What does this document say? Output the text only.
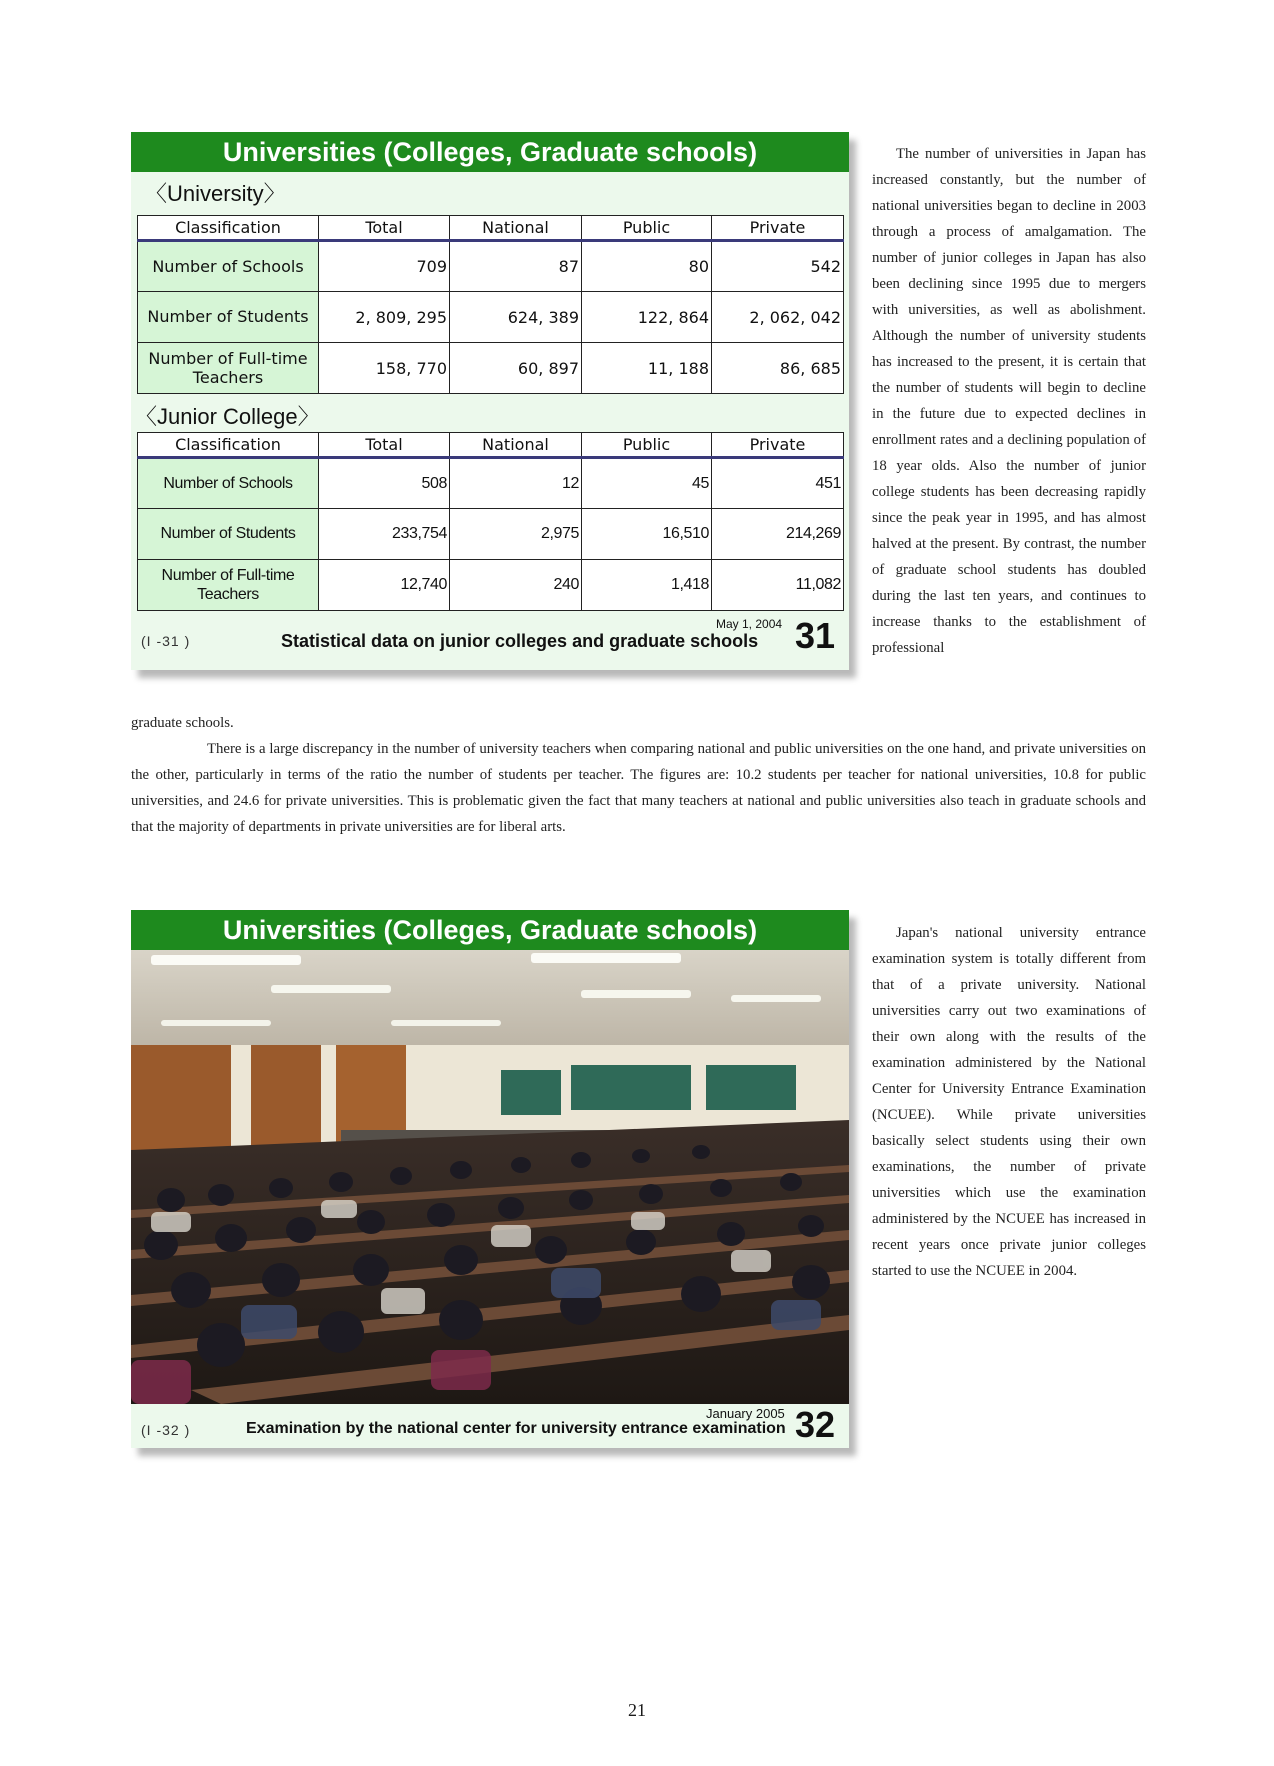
Universities (Colleges, Graduate schools)
〈University〉
Classification	Total	National	Public	Private
Number of Schools	709	87	80	542
Number of Students	2, 809, 295	624, 389	122, 864	2, 062, 042

Number of Full-time
Teachers	158, 770	60, 897	11, 188	86, 685
〈Junior College〉
Classification	Total	National	Public	Private
Number of Schools	508	12	45	451
Number of Students	233,754	2,975	16,510	214,269

Number of Full-time
Teachers	12,740	240	1,418	11,082
(I -31 )	Statistical data on junior colleges and graduate schools
May 1, 2004 31
The number of universities in Japan has increased constantly, but the number of national universities began to decline in 2003 through a process of amalgamation. The number of junior colleges in Japan has also been declining since 1995 due to mergers with universities, as well as abolishment. Although the number of university students has increased to the present, it is certain that the number of students will begin to decline in the future due to expected declines in enrollment rates and a declining population of 18 year olds. Also the number of junior college students has been decreasing rapidly since the peak year in 1995, and has almost halved at the present. By contrast, the number of graduate school students has doubled during the last ten years, and continues to increase thanks to the establishment of professional
graduate schools.
There is a large discrepancy in the number of university teachers when comparing national and public universities on the one hand, and private universities on the other, particularly in terms of the ratio the number of students per teacher. The figures are: 10.2 students per teacher for national universities, 10.8 for public universities, and 24.6 for private universities. This is problematic given the fact that many teachers at national and public universities also teach in graduate schools and that the majority of departments in private universities are for liberal arts.
Universities (Colleges, Graduate schools)
(I -32 )	Examination by the national center for university entrance examination
January 2005 32
Japan's national university entrance examination system is totally different from that of a private university. National universities carry out two examinations of their own along with the results of the examination administered by the National Center for University Entrance Examination (NCUEE). While private universities basically select students using their own examinations, the number of private universities which use the examination administered by the NCUEE has increased in recent years once private junior colleges started to use the NCUEE in 2004.
21
